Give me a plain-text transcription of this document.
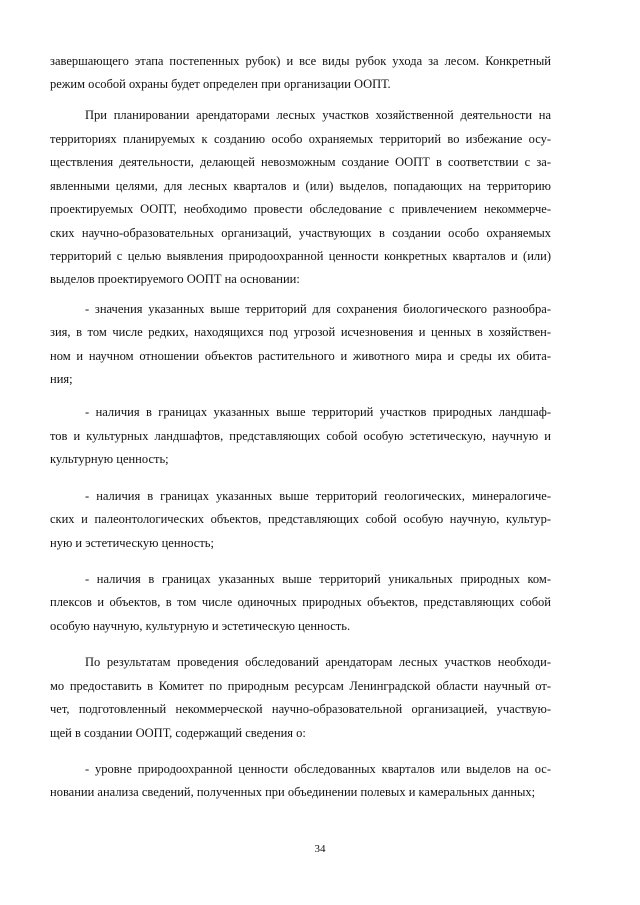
завершающего этапа постепенных рубок) и все виды рубок ухода за лесом. Конкретный
режим особой охраны будет определен при организации ООПТ.
При планировании арендаторами лесных участков хозяйственной деятельности на
территориях планируемых к созданию особо охраняемых территорий во избежание осу-
ществления деятельности, делающей невозможным создание ООПТ в соответствии с за-
явленными целями, для лесных кварталов и (или) выделов, попадающих на территорию
проектируемых ООПТ, необходимо провести обследование с привлечением некоммерче-
ских научно-образовательных организаций, участвующих в создании особо охраняемых
территорий с целью выявления природоохранной ценности конкретных кварталов и (или)
выделов проектируемого ООПТ на основании:
- значения указанных выше территорий для сохранения биологического разнообра-
зия, в том числе редких, находящихся под угрозой исчезновения и ценных в хозяйствен-
ном и научном отношении объектов растительного и животного мира и среды их обита-
ния;
- наличия в границах указанных выше территорий участков природных ландшаф-
тов и культурных ландшафтов, представляющих собой особую эстетическую, научную и
культурную ценность;
- наличия в границах указанных выше территорий геологических, минералогиче-
ских и палеонтологических объектов, представляющих собой особую научную, культур-
ную и эстетическую ценность;
- наличия в границах указанных выше территорий уникальных природных ком-
плексов и объектов, в том числе одиночных природных объектов, представляющих собой
особую научную, культурную и эстетическую ценность.
По результатам проведения обследований арендаторам лесных участков необходи-
мо предоставить в Комитет по природным ресурсам Ленинградской области научный от-
чет, подготовленный некоммерческой научно-образовательной организацией, участвую-
щей в создании ООПТ, содержащий сведения о:
- уровне природоохранной ценности обследованных кварталов или выделов на ос-
новании анализа сведений, полученных при объединении полевых и камеральных данных;
34
